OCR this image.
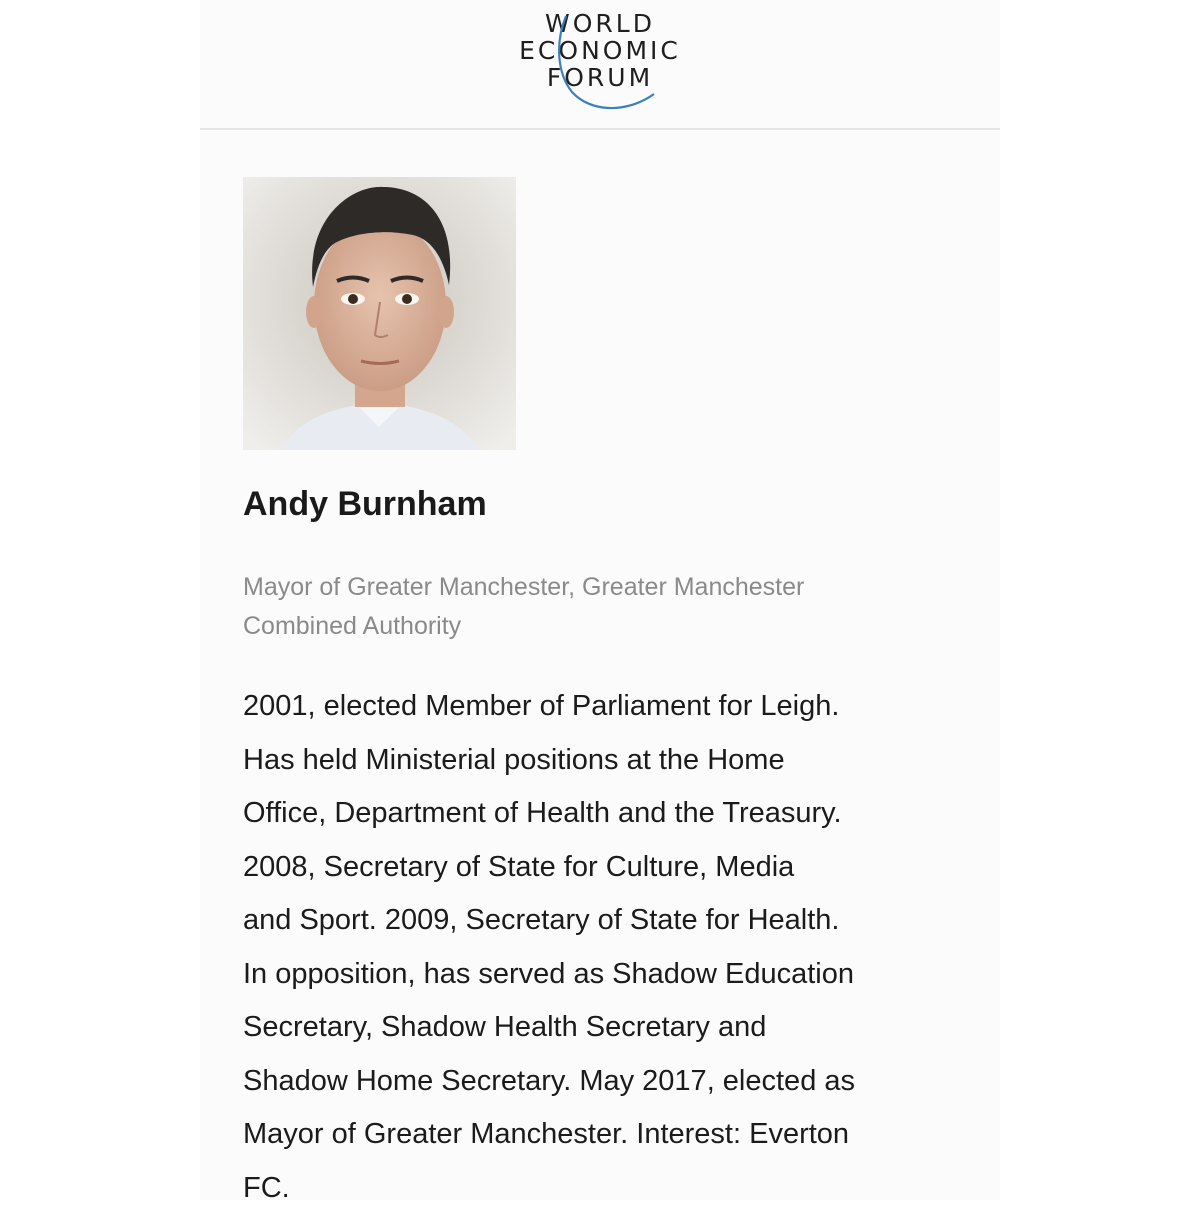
WORLD
ECONOMIC
FORUM
Andy Burnham
Mayor of Greater Manchester, Greater Manchester
Combined Authority
2001, elected Member of Parliament for Leigh.
Has held Ministerial positions at the Home
Office, Department of Health and the Treasury.
2008, Secretary of State for Culture, Media
and Sport. 2009, Secretary of State for Health.
In opposition, has served as Shadow Education
Secretary, Shadow Health Secretary and
Shadow Home Secretary. May 2017, elected as
Mayor of Greater Manchester. Interest: Everton
FC.
